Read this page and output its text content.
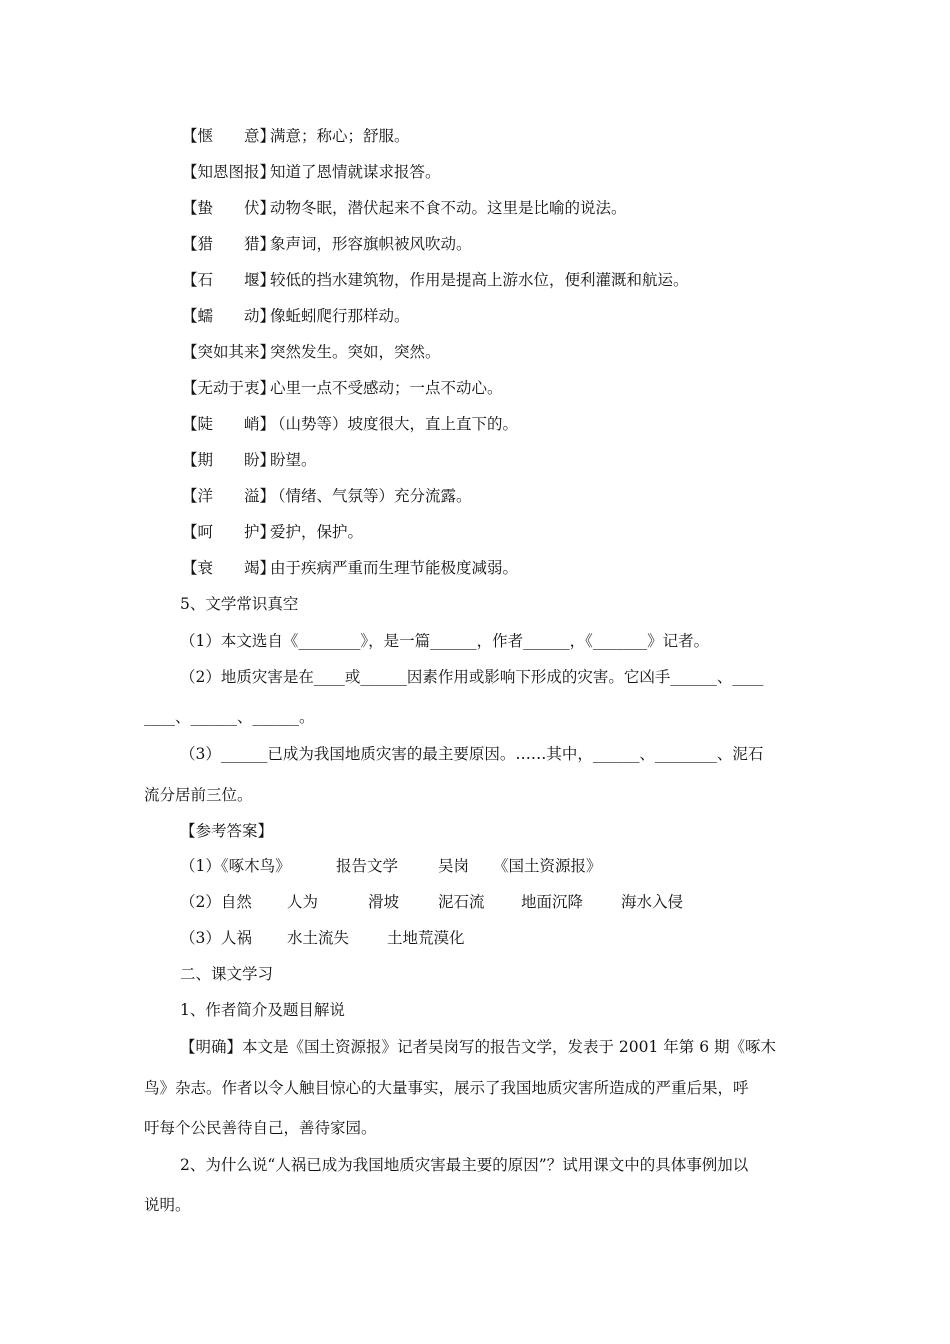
【惬　　意】满意；称心；舒服。
【知恩图报】知道了恩情就谋求报答。
【蛰　　伏】动物冬眠，潜伏起来不食不动。这里是比喻的说法。
【猎　　猎】象声词，形容旗帜被风吹动。
【石　　堰】较低的挡水建筑物，作用是提高上游水位，便利灌溉和航运。
【蠕　　动】像蚯蚓爬行那样动。
【突如其来】突然发生。突如，突然。
【无动于衷】心里一点不受感动；一点不动心。
【陡　　峭】（山势等）坡度很大，直上直下的。
【期　　盼】盼望。
【洋　　溢】（情绪、气氛等）充分流露。
【呵　　护】爱护，保护。
【衰　　竭】由于疾病严重而生理节能极度减弱。
5、文学常识真空
（1）本文选自《________》，是一篇______，作者______，《_______》记者。
（2）地质灾害是在____或______因素作用或影响下形成的灾害。它凶手______、____
____、______、______。
（3）______已成为我国地质灾害的最主要原因。……其中，______、________、泥石
流分居前三位。
【参考答案】
（1）《啄木鸟》	报告文学	吴岗 《国土资源报》
（2）自然 人为	滑坡	泥石流 地面沉降 海水入侵
（3）人祸 水土流失 土地荒漠化
二、课文学习
1、作者简介及题目解说
【明确】本文是《国土资源报》记者吴岗写的报告文学，发表于 2001 年第 6 期《啄木
鸟》杂志。作者以令人触目惊心的大量事实，展示了我国地质灾害所造成的严重后果，呼
吁每个公民善待自己，善待家园。
2、为什么说“人祸已成为我国地质灾害最主要的原因”？试用课文中的具体事例加以
说明。
